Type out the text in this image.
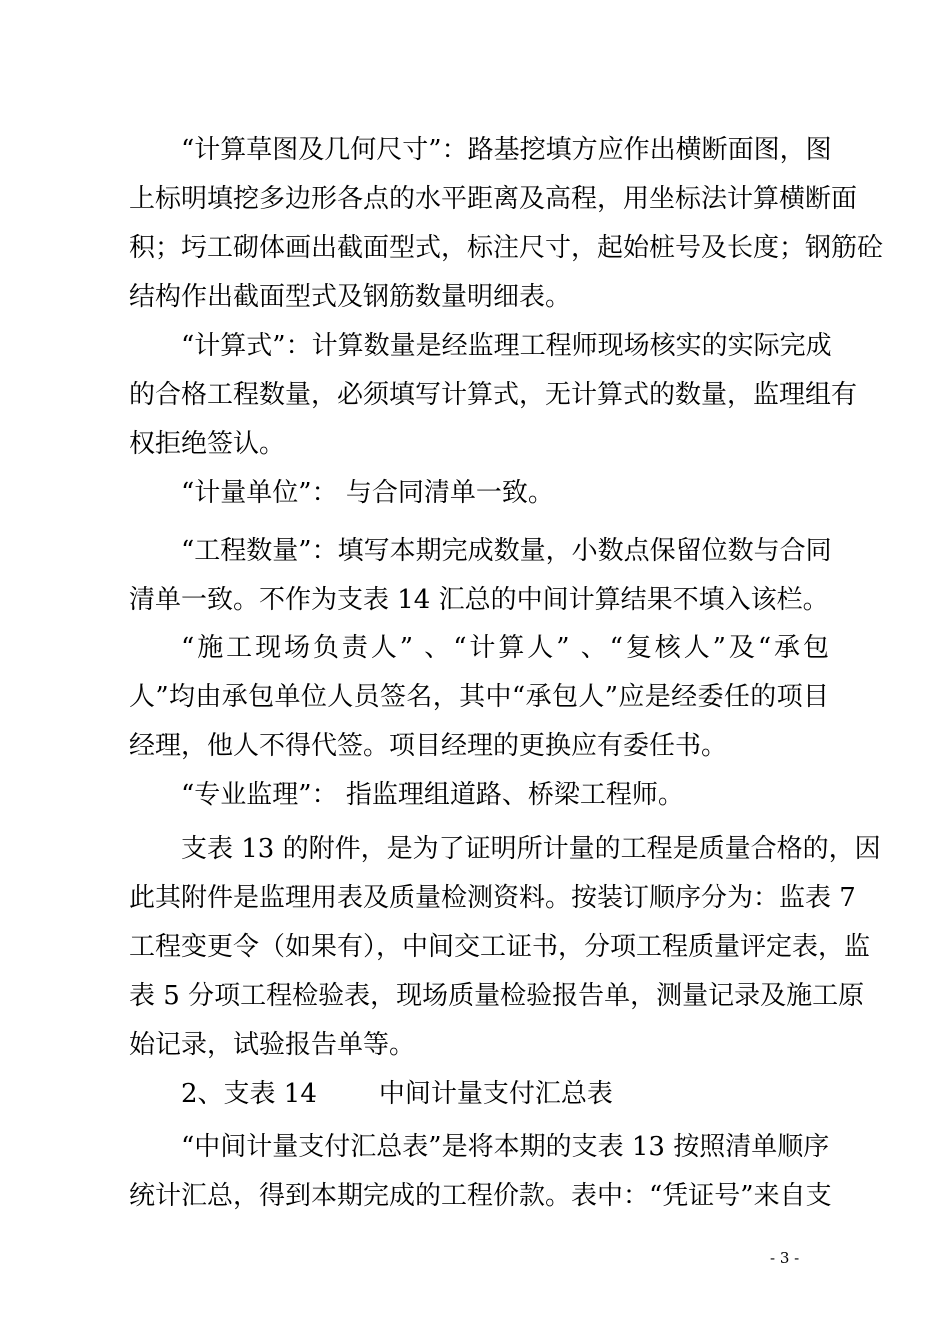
“计算草图及几何尺寸”：路基挖填方应作出横断面图，图
上标明填挖多边形各点的水平距离及高程，用坐标法计算横断面
积；圬工砌体画出截面型式，标注尺寸，起始桩号及长度；钢筋砼
结构作出截面型式及钢筋数量明细表。
“计算式”：计算数量是经监理工程师现场核实的实际完成
的合格工程数量，必须填写计算式，无计算式的数量，监理组有
权拒绝签认。
“计量单位”： 与合同清单一致。
“工程数量”：填写本期完成数量，小数点保留位数与合同
清单一致。不作为支表 14 汇总的中间计算结果不填入该栏。
“施工现场负责人” 、“计算人” 、“复核人”及“承包
人”均由承包单位人员签名，其中“承包人”应是经委任的项目
经理，他人不得代签。项目经理的更换应有委任书。
“专业监理”： 指监理组道路、桥梁工程师。
支表 13 的附件，是为了证明所计量的工程是质量合格的，因
此其附件是监理用表及质量检测资料。按装订顺序分为：监表 7
工程变更令（如果有），中间交工证书，分项工程质量评定表，监
表 5 分项工程检验表，现场质量检验报告单，测量记录及施工原
始记录，试验报告单等。
2、支表 14 中间计量支付汇总表
“中间计量支付汇总表”是将本期的支表 13 按照清单顺序
统计汇总，得到本期完成的工程价款。表中：“凭证号”来自支
- 3 -
